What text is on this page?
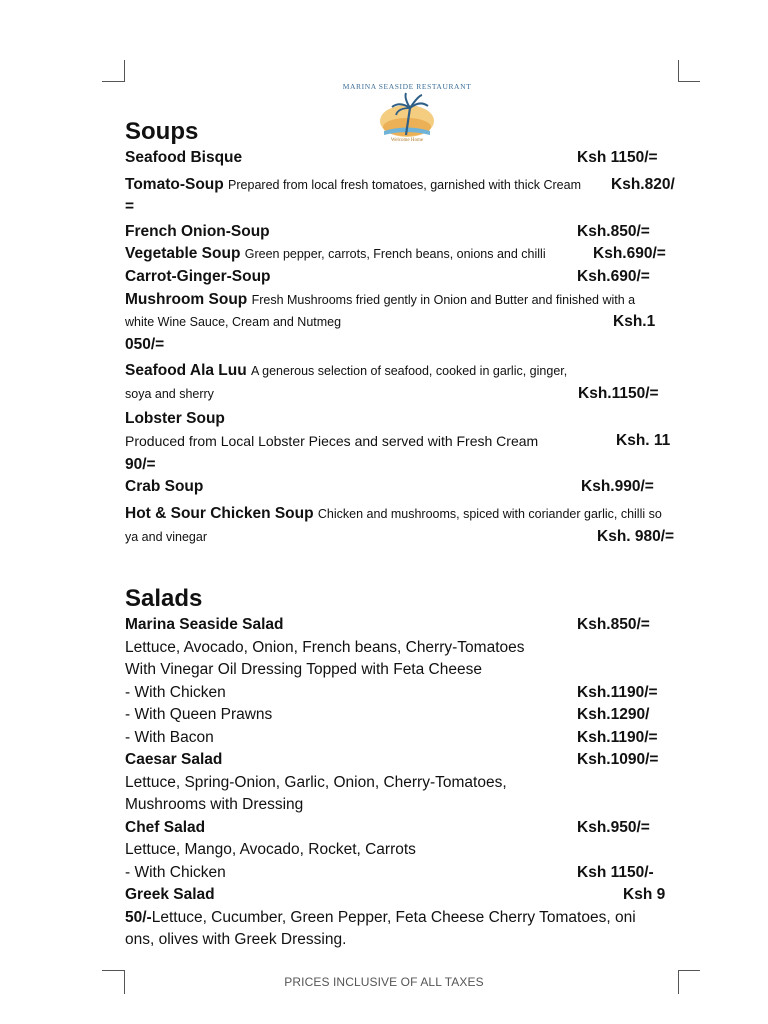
MARINA SEASIDE RESTAURANT
Welcome Home
Soups
Seafood Bisque	Ksh 1150/=
Tomato-Soup Prepared from local fresh tomatoes, garnished with thick Cream Ksh.820/
=
French Onion-Soup	Ksh.850/=
Vegetable Soup Green pepper, carrots, French beans, onions and chilli	Ksh.690/=
Carrot-Ginger-Soup	Ksh.690/=
Mushroom Soup Fresh Mushrooms fried gently in Onion and Butter and finished with a
white Wine Sauce, Cream and Nutmeg	Ksh.1
050/=
Seafood Ala Luu A generous selection of seafood, cooked in garlic, ginger,
soya and sherry	Ksh.1150/=
Lobster Soup
Produced from Local Lobster Pieces and served with Fresh Cream	Ksh. 11
90/=
Crab Soup	Ksh.990/=
Hot & Sour Chicken Soup Chicken and mushrooms, spiced with coriander garlic, chilli so
ya and vinegar	Ksh. 980/=
Salads
Marina Seaside Salad	Ksh.850/=
Lettuce, Avocado, Onion, French beans, Cherry-Tomatoes
With Vinegar Oil Dressing Topped with Feta Cheese
- With Chicken	Ksh.1190/=
- With Queen Prawns	Ksh.1290/
- With Bacon	Ksh.1190/=
Caesar Salad	Ksh.1090/=
Lettuce, Spring-Onion, Garlic, Onion, Cherry-Tomatoes,
Mushrooms with Dressing
Chef Salad	Ksh.950/=
Lettuce, Mango, Avocado, Rocket, Carrots
- With Chicken	Ksh 1150/-
Greek Salad	Ksh 9
50/-Lettuce, Cucumber, Green Pepper, Feta Cheese Cherry Tomatoes, oni
ons, olives with Greek Dressing.
PRICES INCLUSIVE OF ALL TAXES
